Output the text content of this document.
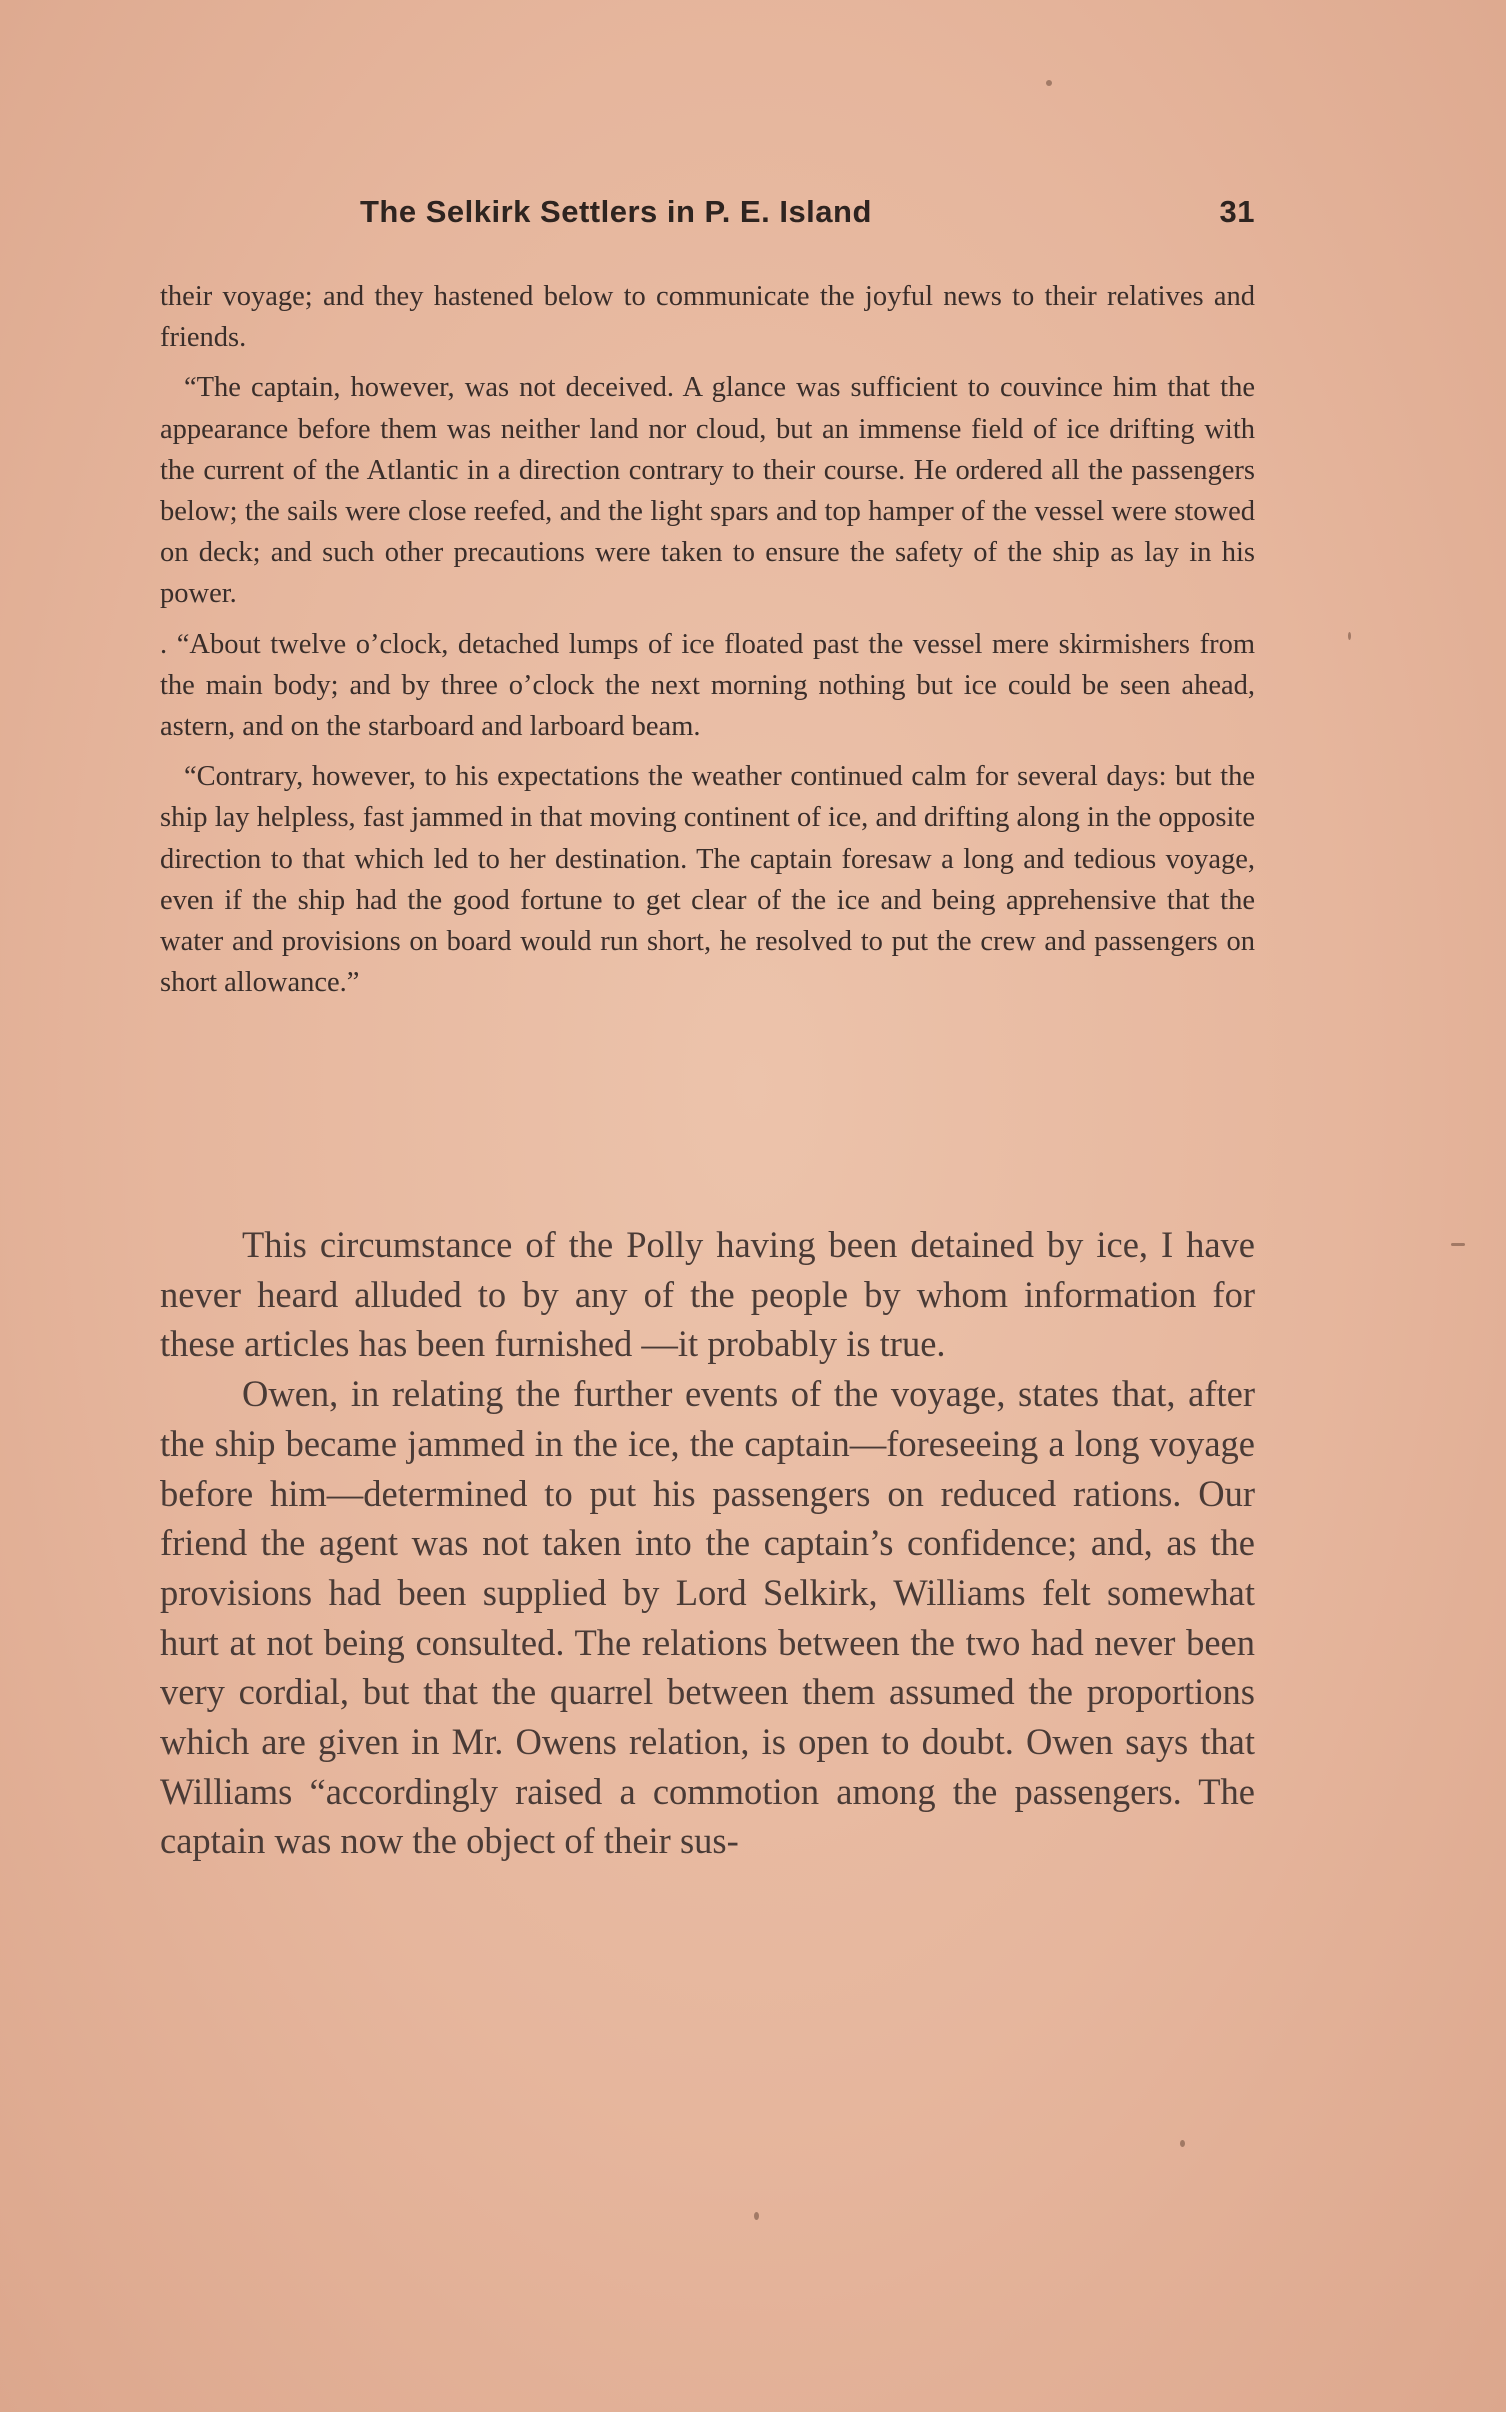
The Selkirk Settlers in P. E. Island	31

their voyage; and they hastened below to communicate the joyful news to their relatives and friends.

“The captain, however, was not deceived. A glance was sufficient to couvince him that the appearance before them was neither land nor cloud, but an immense field of ice drifting with the current of the Atlantic in a direction contrary to their course. He ordered all the passengers below; the sails were close reefed, and the light spars and top hamper of the vessel were stowed on deck; and such other precautions were taken to ensure the safety of the ship as lay in his power.

. “About twelve o’clock, detached lumps of ice floated past the vessel mere skirmishers from the main body; and by three o’clock the next morning nothing but ice could be seen ahead, astern, and on the starboard and larboard beam.

“Contrary, however, to his expectations the weather continued calm for several days: but the ship lay helpless, fast jammed in that moving continent of ice, and drifting along in the opposite direction to that which led to her destination. The captain foresaw a long and tedious voyage, even if the ship had the good fortune to get clear of the ice and being apprehensive that the water and provisions on board would run short, he resolved to put the crew and passengers on short allowance.”

This circumstance of the Polly having been detained by ice, I have never heard alluded to by any of the people by whom information for these articles has been furnished —it probably is true.

Owen, in relating the further events of the voyage, states that, after the ship became jammed in the ice, the captain—foreseeing a long voyage before him—determined to put his passengers on reduced rations. Our friend the agent was not taken into the captain’s confidence; and, as the provisions had been supplied by Lord Selkirk, Williams felt somewhat hurt at not being consulted. The relations between the two had never been very cordial, but that the quarrel between them assumed the proportions which are given in Mr. Owens relation, is open to doubt. Owen says that Williams “accordingly raised a commotion among the passengers. The captain was now the object of their sus-
